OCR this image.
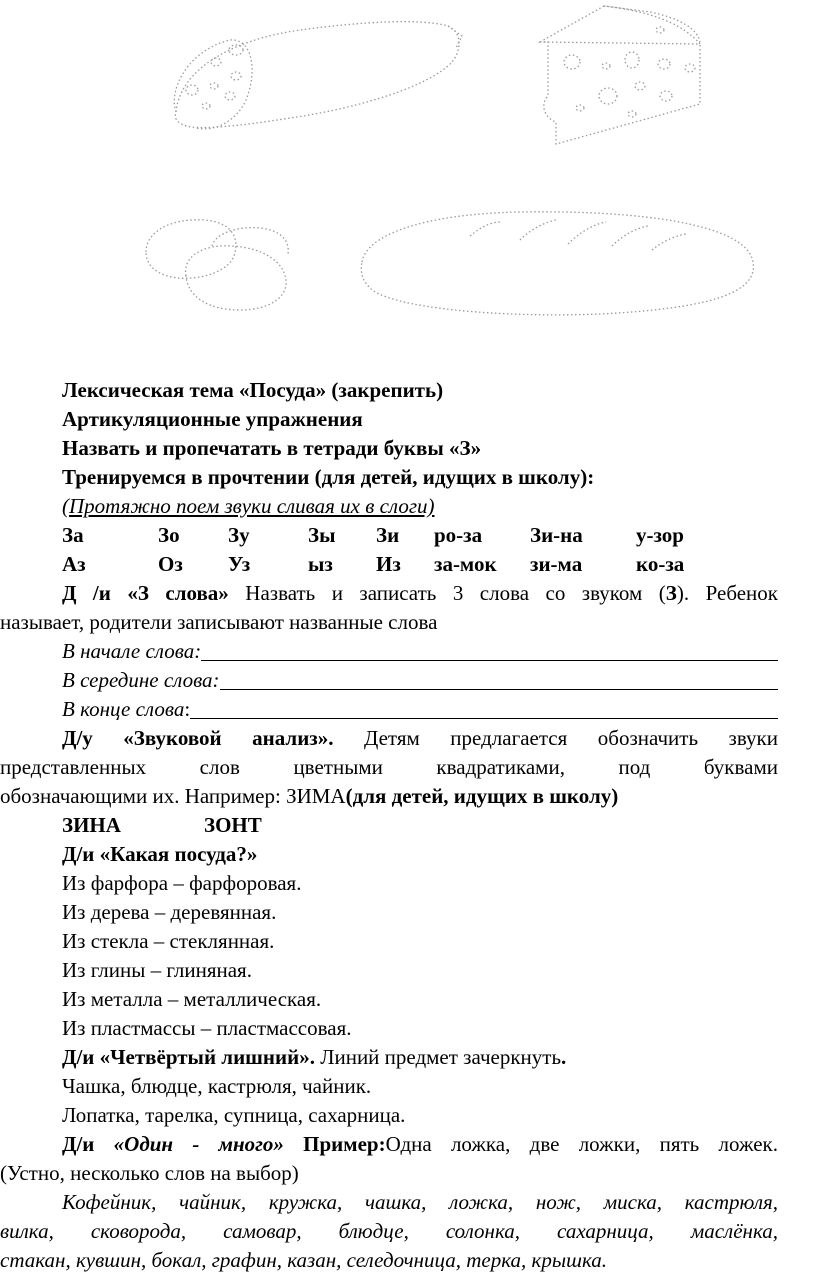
Лексическая тема «Посуда» (закрепить)
Артикуляционные упражнения
Назвать и пропечатать в тетради буквы «З»
Тренируемся в прочтении (для детей, идущих в школу):
(Протяжно поем звуки сливая их в слоги)
За	Зо	Зу	Зы	Зи	ро-за	Зи-на	у-зор
Аз	Оз	Уз	ыз	Из	за-мок	зи-ма	ко-за
Д /и «З слова» Назвать и записать 3 слова со звуком (З). Ребенок
называет, родители записывают названные слова
В начале слова:
В середине слова:
В конце слова :
Д/у «Звуковой анализ». Детям предлагается обозначить звуки
представленных слов цветными квадратиками, под буквами
обозначающими их. Например: ЗИМА(для детей, идущих в школу)
ЗИНА	ЗОНТ
Д/и «Какая посуда?»
Из фарфора – фарфоровая.
Из дерева – деревянная.
Из стекла – стеклянная.
Из глины – глиняная.
Из металла – металлическая.
Из пластмассы – пластмассовая.
Д/и «Четвёртый лишний». Линий предмет зачеркнуть.
Чашка, блюдце, кастрюля, чайник.
Лопатка, тарелка, супница, сахарница.
Д/и «Один - много» Пример:Одна ложка, две ложки, пять ложек.
(Устно, несколько слов на выбор)
Кофейник, чайник, кружка, чашка, ложка, нож, миска, кастрюля,
вилка, сковорода, самовар, блюдце, солонка, сахарница, маслёнка,
стакан, кувшин, бокал, графин, казан, селедочница, терка, крышка.
